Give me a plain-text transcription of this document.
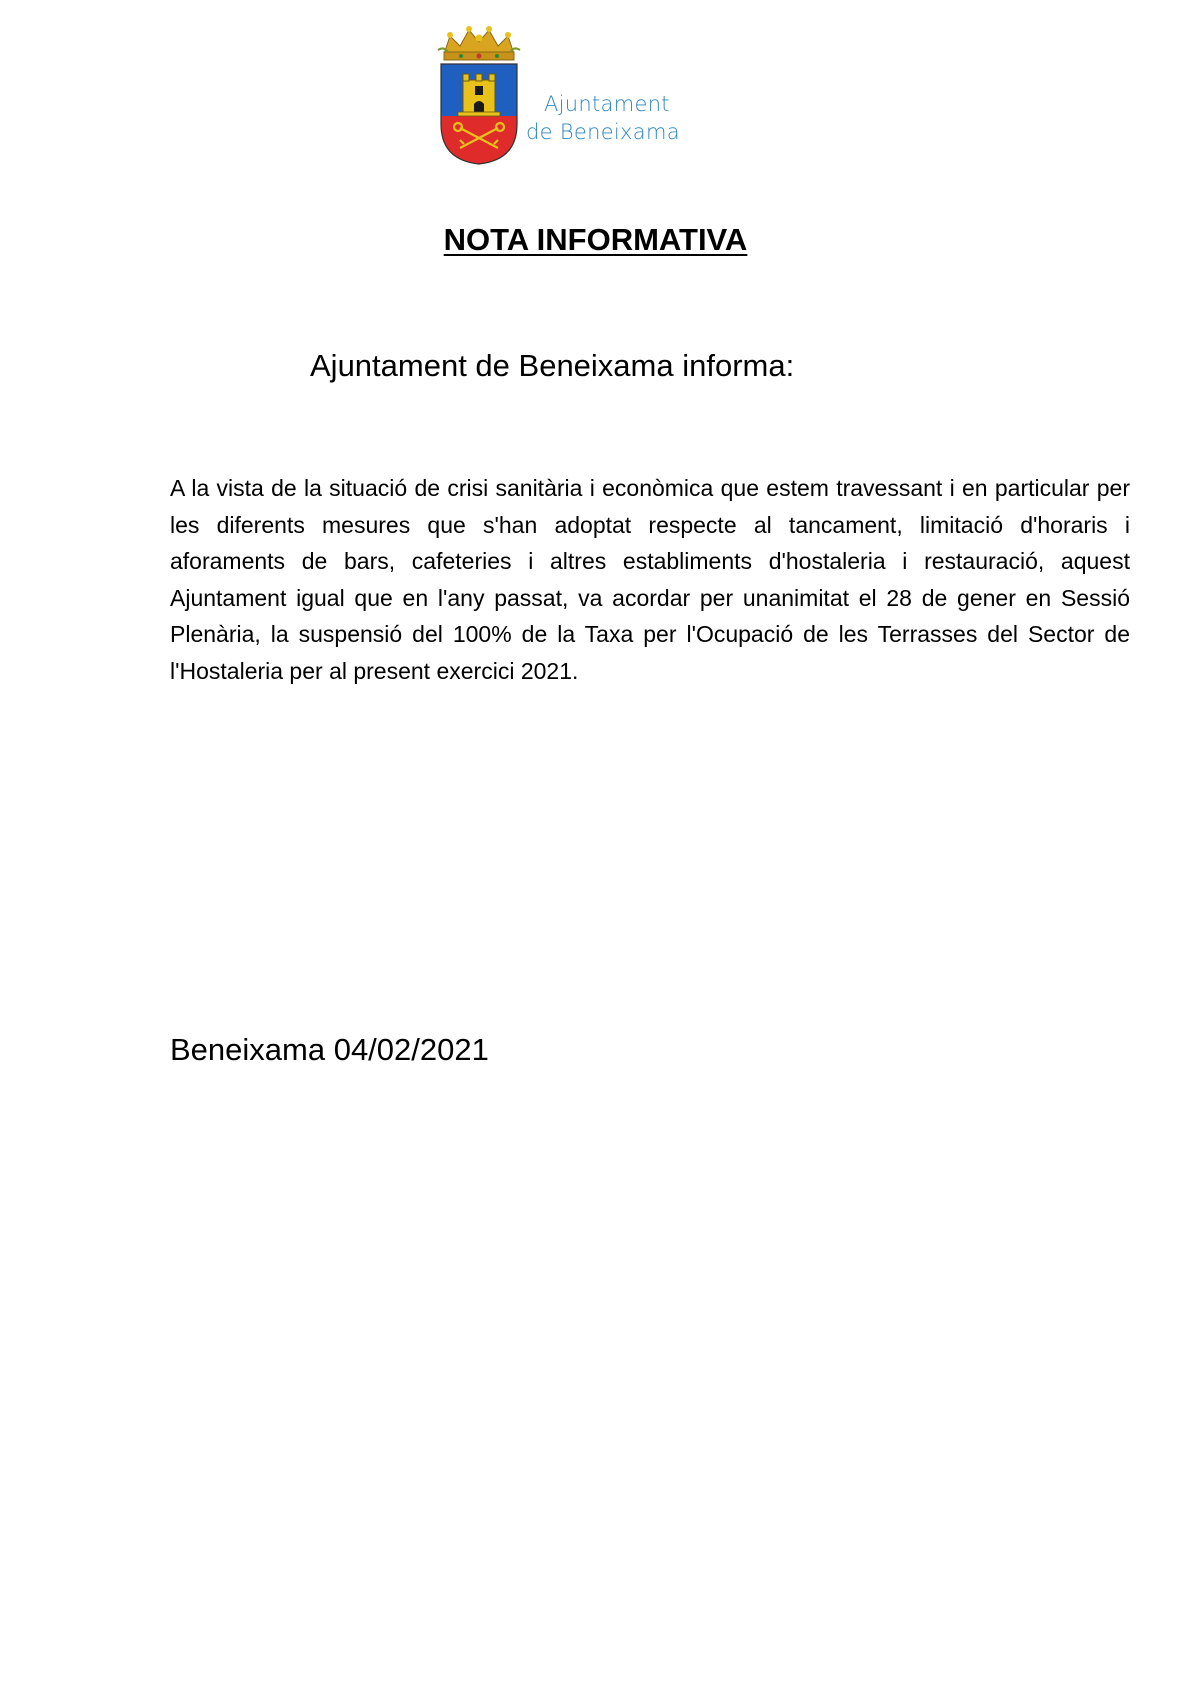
Ajuntament
de Beneixama
NOTA INFORMATIVA
Ajuntament de Beneixama informa:

A la vista de la situació de crisi sanitària i econòmica que estem travessant i en particular per les diferents mesures que s'han adoptat respecte al tancament, limitació d'horaris i aforaments de bars, cafeteries i altres establiments d'hostaleria i restauració, aquest Ajuntament igual que en l'any passat, va acordar per unanimitat el 28 de gener en Sessió Plenària, la suspensió del 100% de la Taxa per l'Ocupació de les Terrasses del Sector de l'Hostaleria per al present exercici 2021.

Beneixama 04/02/2021
